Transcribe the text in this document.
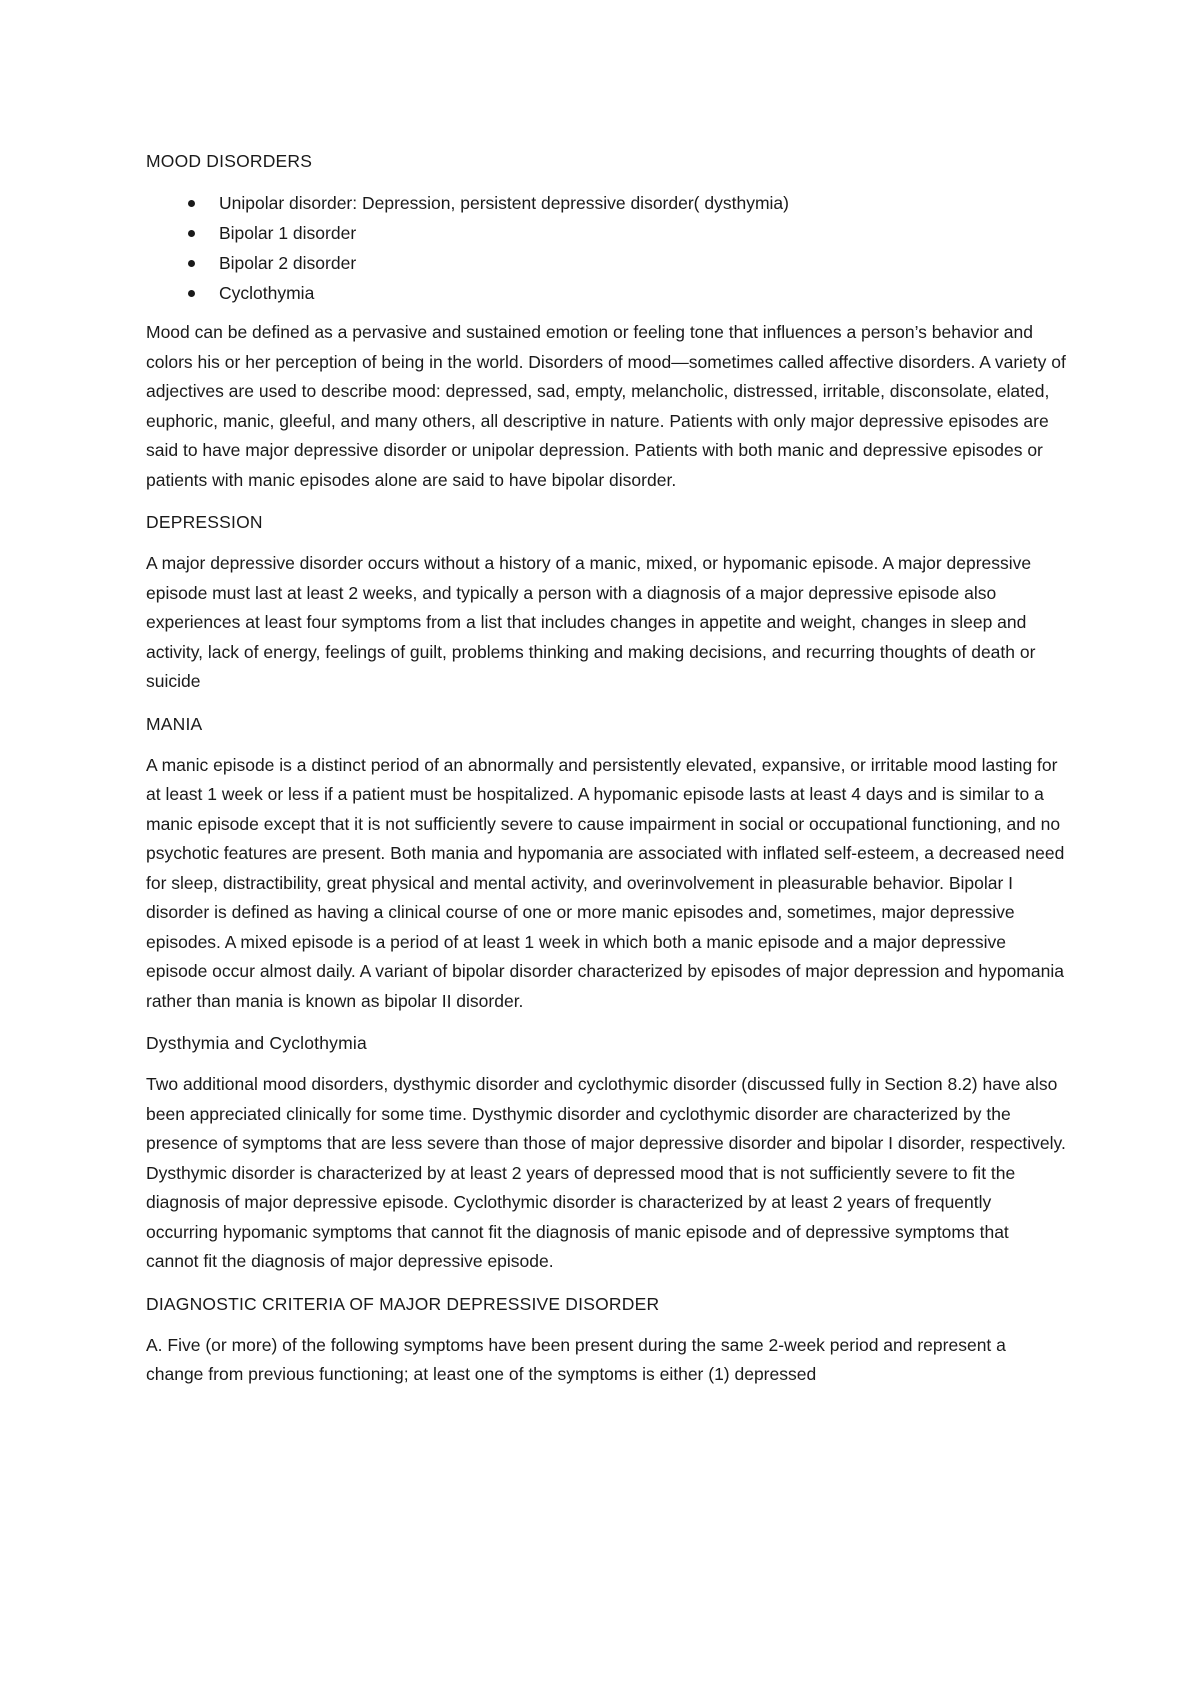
MOOD DISORDERS
Unipolar disorder: Depression, persistent depressive disorder( dysthymia)
Bipolar 1 disorder
Bipolar 2 disorder
Cyclothymia

Mood can be defined as a pervasive and sustained emotion or feeling tone that influences a person’s behavior and colors his or her perception of being in the world. Disorders of mood—sometimes called affective disorders. A variety of adjectives are used to describe mood: depressed, sad, empty, melancholic, distressed, irritable, disconsolate, elated, euphoric, manic, gleeful, and many others, all descriptive in nature. Patients with only major depressive episodes are said to have major depressive disorder or unipolar depression. Patients with both manic and depressive episodes or patients with manic episodes alone are said to have bipolar disorder.

DEPRESSION

A major depressive disorder occurs without a history of a manic, mixed, or hypomanic episode. A major depressive episode must last at least 2 weeks, and typically a person with a diagnosis of a major depressive episode also experiences at least four symptoms from a list that includes changes in appetite and weight, changes in sleep and activity, lack of energy, feelings of guilt, problems thinking and making decisions, and recurring thoughts of death or suicide

MANIA

A manic episode is a distinct period of an abnormally and persistently elevated, expansive, or irritable mood lasting for at least 1 week or less if a patient must be hospitalized. A hypomanic episode lasts at least 4 days and is similar to a manic episode except that it is not sufficiently severe to cause impairment in social or occupational functioning, and no psychotic features are present. Both mania and hypomania are associated with inflated self-esteem, a decreased need for sleep, distractibility, great physical and mental activity, and overinvolvement in pleasurable behavior. Bipolar I disorder is defined as having a clinical course of one or more manic episodes and, sometimes, major depressive episodes. A mixed episode is a period of at least 1 week in which both a manic episode and a major depressive episode occur almost daily. A variant of bipolar disorder characterized by episodes of major depression and hypomania rather than mania is known as bipolar II disorder.

Dysthymia and Cyclothymia

Two additional mood disorders, dysthymic disorder and cyclothymic disorder (discussed fully in Section 8.2) have also been appreciated clinically for some time. Dysthymic disorder and cyclothymic disorder are characterized by the presence of symptoms that are less severe than those of major depressive disorder and bipolar I disorder, respectively. Dysthymic disorder is characterized by at least 2 years of depressed mood that is not sufficiently severe to fit the diagnosis of major depressive episode. Cyclothymic disorder is characterized by at least 2 years of frequently occurring hypomanic symptoms that cannot fit the diagnosis of manic episode and of depressive symptoms that cannot fit the diagnosis of major depressive episode.

DIAGNOSTIC CRITERIA OF MAJOR DEPRESSIVE DISORDER

A. Five (or more) of the following symptoms have been present during the same 2-week period and represent a change from previous functioning; at least one of the symptoms is either (1) depressed
